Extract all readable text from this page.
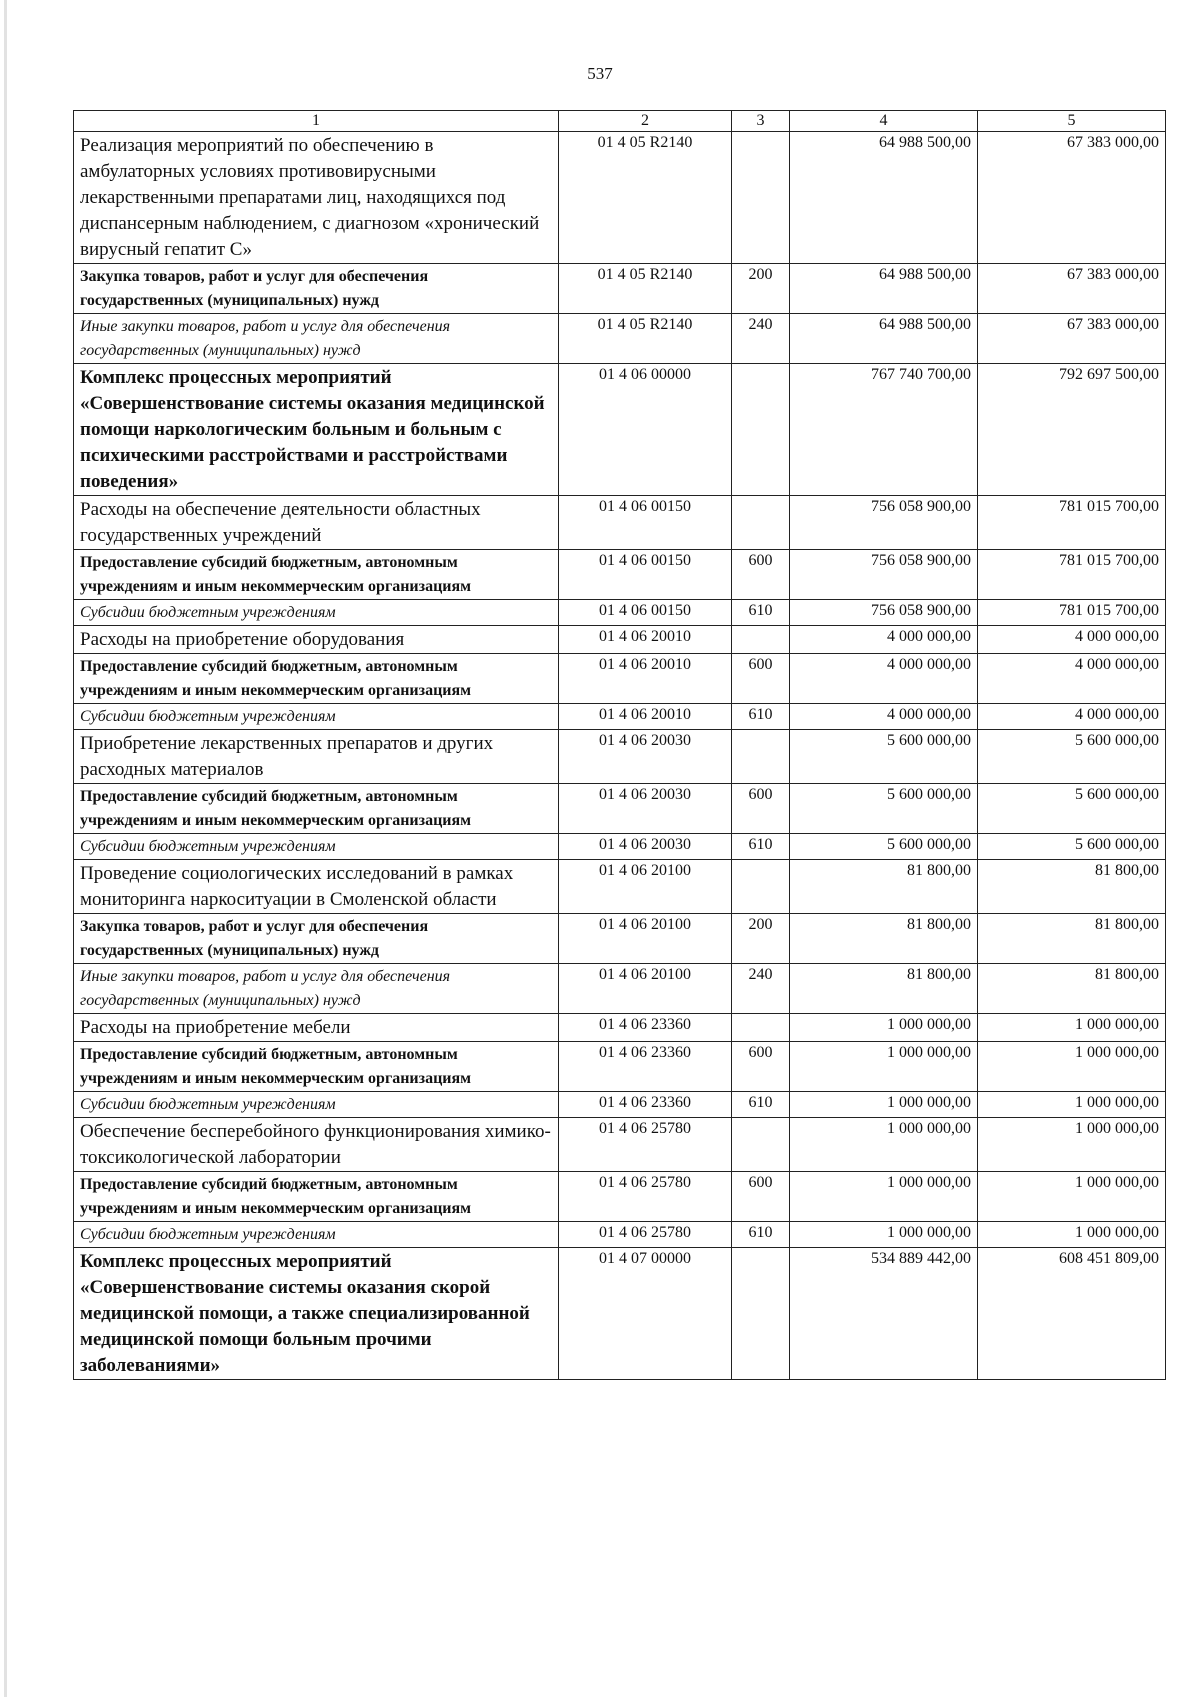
537
1	2	3	4	5
Реализация мероприятий по обеспечению в амбулаторных условиях противовирусными лекарственными препаратами лиц, находящихся под диспансерным наблюдением, с диагнозом «хронический вирусный гепатит С»	01 4 05 R2140		64 988 500,00	67 383 000,00
Закупка товаров, работ и услуг для обеспечения государственных (муниципальных) нужд	01 4 05 R2140	200	64 988 500,00	67 383 000,00
Иные закупки товаров, работ и услуг для обеспечения государственных (муниципальных) нужд	01 4 05 R2140	240	64 988 500,00	67 383 000,00
Комплекс процессных мероприятий «Совершенствование системы оказания медицинской помощи наркологическим больным и больным с психическими расстройствами и расстройствами поведения»	01 4 06 00000		767 740 700,00	792 697 500,00
Расходы на обеспечение деятельности областных государственных учреждений	01 4 06 00150		756 058 900,00	781 015 700,00
Предоставление субсидий бюджетным, автономным учреждениям и иным некоммерческим организациям	01 4 06 00150	600	756 058 900,00	781 015 700,00
Субсидии бюджетным учреждениям	01 4 06 00150	610	756 058 900,00	781 015 700,00
Расходы на приобретение оборудования	01 4 06 20010		4 000 000,00	4 000 000,00
Предоставление субсидий бюджетным, автономным учреждениям и иным некоммерческим организациям	01 4 06 20010	600	4 000 000,00	4 000 000,00
Субсидии бюджетным учреждениям	01 4 06 20010	610	4 000 000,00	4 000 000,00
Приобретение лекарственных препаратов и других расходных материалов	01 4 06 20030		5 600 000,00	5 600 000,00
Предоставление субсидий бюджетным, автономным учреждениям и иным некоммерческим организациям	01 4 06 20030	600	5 600 000,00	5 600 000,00
Субсидии бюджетным учреждениям	01 4 06 20030	610	5 600 000,00	5 600 000,00
Проведение социологических исследований в рамках мониторинга наркоситуации в Смоленской области	01 4 06 20100		81 800,00	81 800,00
Закупка товаров, работ и услуг для обеспечения государственных (муниципальных) нужд	01 4 06 20100	200	81 800,00	81 800,00
Иные закупки товаров, работ и услуг для обеспечения государственных (муниципальных) нужд	01 4 06 20100	240	81 800,00	81 800,00
Расходы на приобретение мебели	01 4 06 23360		1 000 000,00	1 000 000,00
Предоставление субсидий бюджетным, автономным учреждениям и иным некоммерческим организациям	01 4 06 23360	600	1 000 000,00	1 000 000,00
Субсидии бюджетным учреждениям	01 4 06 23360	610	1 000 000,00	1 000 000,00
Обеспечение бесперебойного функционирования химико-токсикологической лаборатории	01 4 06 25780		1 000 000,00	1 000 000,00
Предоставление субсидий бюджетным, автономным учреждениям и иным некоммерческим организациям	01 4 06 25780	600	1 000 000,00	1 000 000,00
Субсидии бюджетным учреждениям	01 4 06 25780	610	1 000 000,00	1 000 000,00
Комплекс процессных мероприятий «Совершенствование системы оказания скорой медицинской помощи, а также специализированной медицинской помощи больным прочими заболеваниями»	01 4 07 00000		534 889 442,00	608 451 809,00
